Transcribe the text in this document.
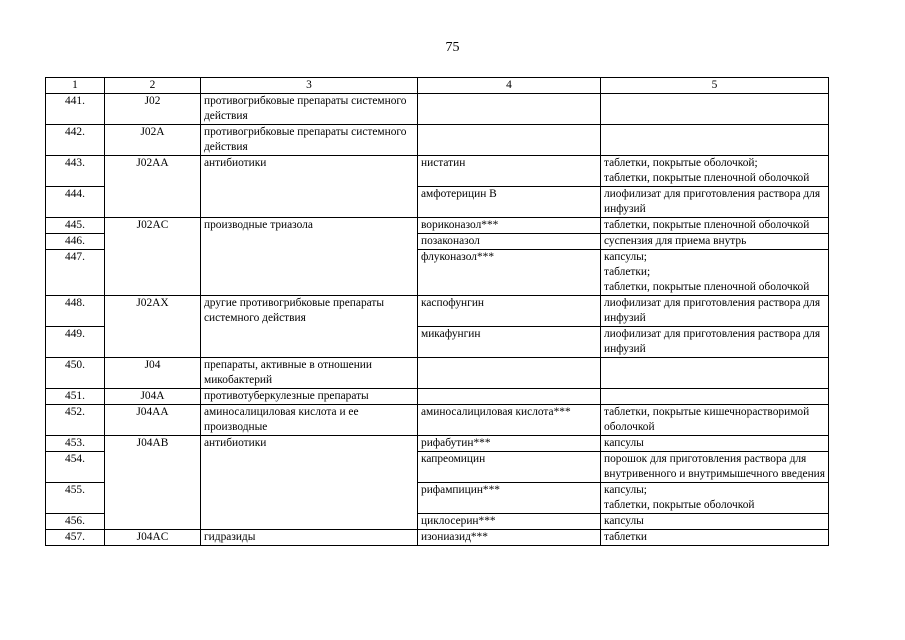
75
1	2	3	4	5
441.	J02	противогрибковые препараты системного действия		
442.	J02A	противогрибковые препараты системного действия		
443.	J02AA	антибиотики	нистатин	таблетки, покрытые оболочкой;
таблетки, покрытые пленочной оболочкой

444.			амфотерицин В	лиофилизат для приготовления раствора для инфузий
445.	J02AC	производные триазола	вориконазол***	таблетки, покрытые пленочной оболочкой
446.			позаконазол	суспензия для приема внутрь
447.			флуконазол***	капсулы;
таблетки;
таблетки, покрытые пленочной оболочкой

448.	J02AX	другие противогрибковые препараты системного действия	каспофунгин	лиофилизат для приготовления раствора для инфузий
449.			микафунгин	лиофилизат для приготовления раствора для инфузий
450.	J04	препараты, активные в отношении микобактерий		
451.	J04A	противотуберкулезные препараты		
452.	J04AA	аминосалициловая кислота и ее производные	аминосалициловая кислота***	таблетки, покрытые кишечнорастворимой оболочкой
453.	J04AB	антибиотики	рифабутин***	капсулы
454.			капреомицин	порошок для приготовления раствора для внутривенного и внутримышечного введения
455.			рифампицин***	капсулы;
таблетки, покрытые оболочкой

456.			циклосерин***	капсулы
457.	J04AC	гидразиды	изониазид***	таблетки
